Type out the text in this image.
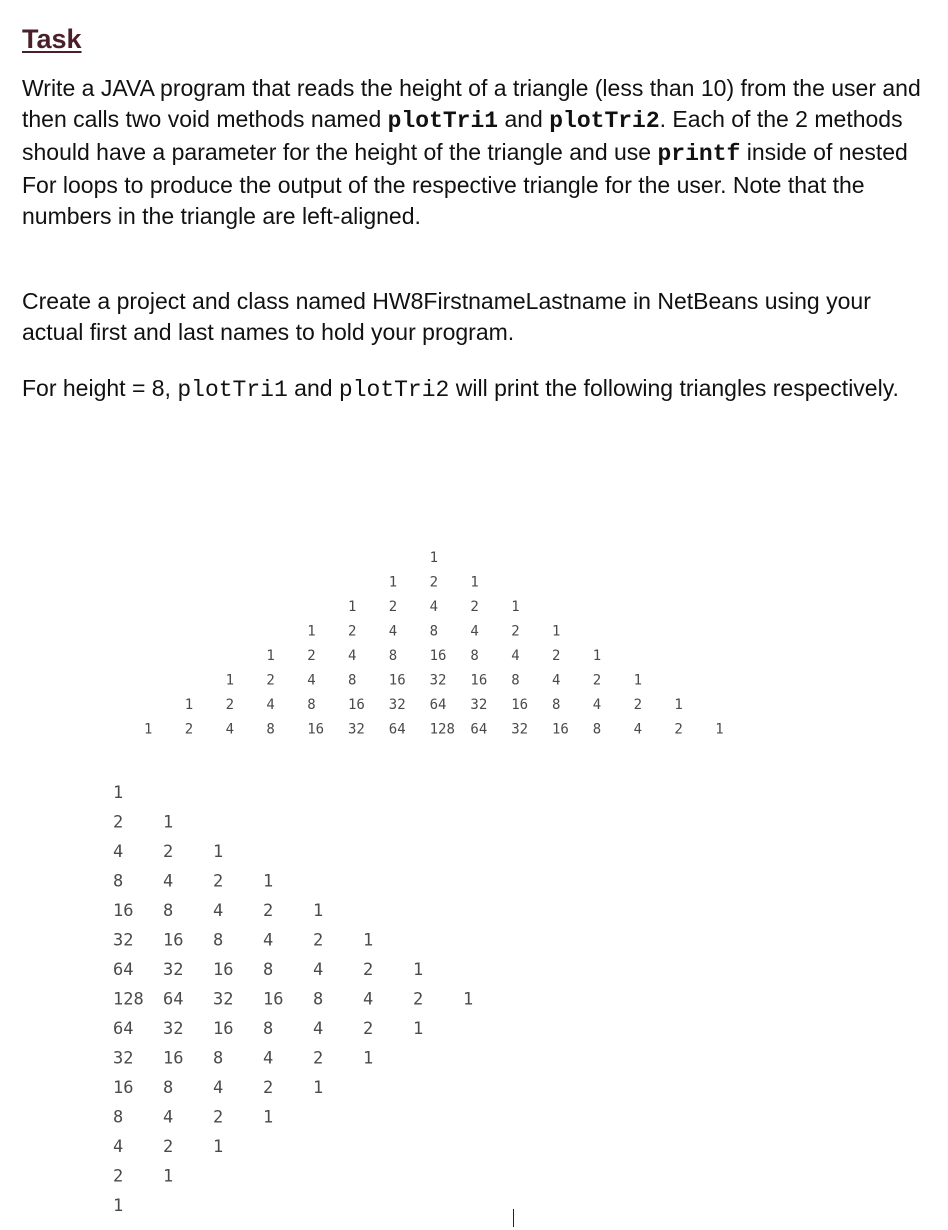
Task

Write a JAVA program that reads the height of a triangle (less than 10) from the user and then calls two void methods named plotTri1 and plotTri2. Each of the 2 methods should have a parameter for the height of the triangle and use printf inside of nested For loops to produce the output of the respective triangle for the user. Note that the numbers in the triangle are left-aligned.

Create a project and class named HW8FirstnameLastname in NetBeans using your actual first and last names to hold your program.

For height = 8, plotTri1 and plotTri2 will print the following triangles respectively.

1
1 2 1
1 2 4 2 1
1 2 4 8 4 2 1
1 2 4 8 16 8 4 2 1
1 2 4 8 16 32 16 8 4 2 1
1 2 4 8 16 32 64 32 16 8 4 2 1
1 2 4 8 16 32 64 128 64 32 16 8 4 2 1
1
2 1
4 2 1
8 4 2 1
16 8 4 2 1
32 16 8 4 2 1
64 32 16 8 4 2 1
128 64 32 16 8 4 2 1
64 32 16 8 4 2 1
32 16 8 4 2 1
16 8 4 2 1
8 4 2 1
4 2 1
2 1
1
